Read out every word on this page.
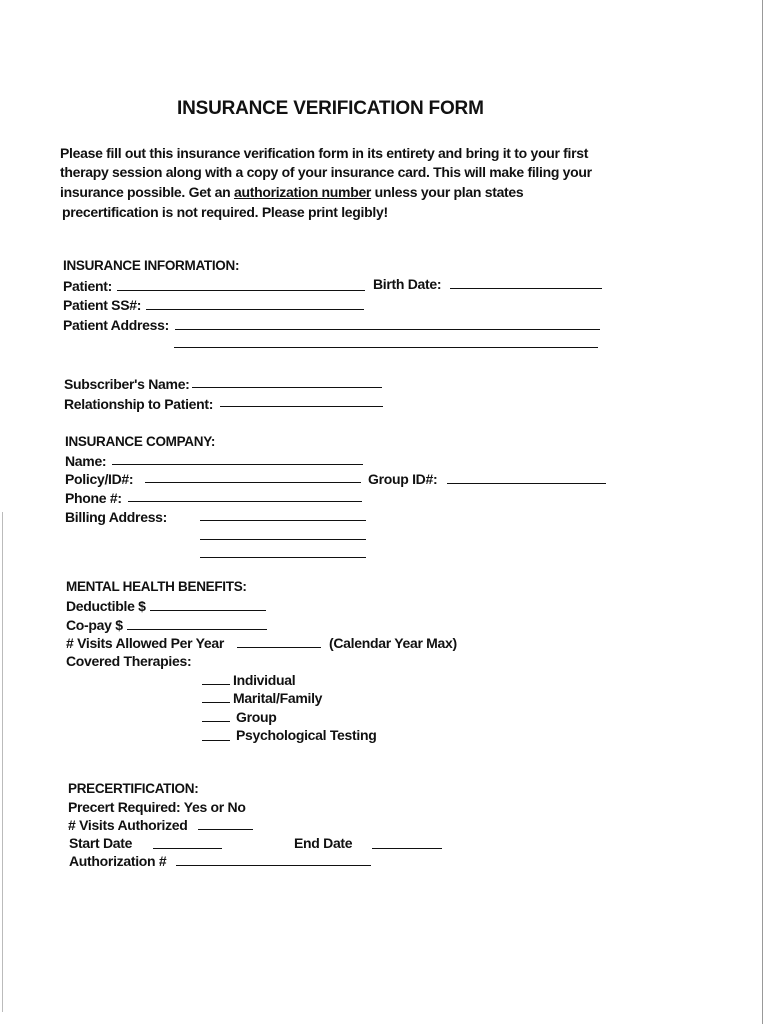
INSURANCE VERIFICATION FORM
Please fill out this insurance verification form in its entirety and bring it to your first
therapy session along with a copy of your insurance card. This will make filing your
insurance possible. Get an authorization number unless your plan states
precertification is not required. Please print legibly!
INSURANCE INFORMATION:
Patient:	Birth Date:
Patient SS#:
Patient Address:
Subscriber's Name:
Relationship to Patient:
INSURANCE COMPANY:
Name:
Policy/ID#:	Group ID#:
Phone #:
Billing Address:
MENTAL HEALTH BENEFITS:
Deductible $
Co-pay $
# Visits Allowed Per Year	(Calendar Year Max)
Covered Therapies:
Individual
Marital/Family
Group
Psychological Testing
PRECERTIFICATION:
Precert Required: Yes or No
# Visits Authorized
Start Date	End Date
Authorization #
